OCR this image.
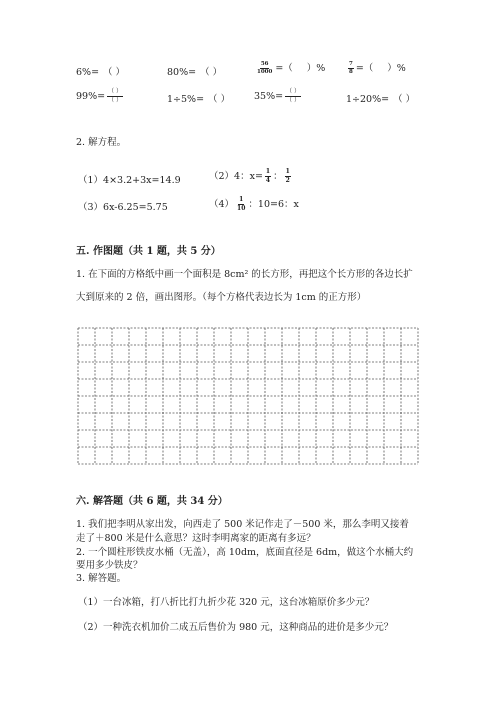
6%= （ ）	80%= （ ）	$\frac{56}{1000}$ =（ ）%	$\frac{7}{8}$ =（ ）%
$99\%= \frac{( )}{( )}$	1÷5%= （ ）	$35\%= \frac{( )}{( )}$	1÷20%= （ ）
2. 解方程。
（1）4×3.2+3x=14.9	（2）4：$x= \frac{1}{4}$ ： $\frac{1}{2}$
（3）6x-6.25=5.75	$(4) \frac{1}{10}$ ：10=6：x
五. 作图题（共 1 题，共 5 分）
1. 在下面的方格纸中画一个面积是 8cm² 的长方形，再把这个长方形的各边长扩
大到原来的 2 倍，画出图形。（每个方格代表边长为 1cm 的正方形）
六. 解答题（共 6 题，共 34 分）
1. 我们把李明从家出发，向西走了 500 米记作走了－500 米，那么李明又接着
走了＋800 米是什么意思？这时李明离家的距离有多远？
2. 一个圆柱形铁皮水桶（无盖），高 10dm，底面直径是 6dm，做这个水桶大约
要用多少铁皮？
3. 解答题。
（1）一台冰箱，打八折比打九折少花 320 元，这台冰箱原价多少元？
（2）一种洗衣机加价二成五后售价为 980 元，这种商品的进价是多少元？
